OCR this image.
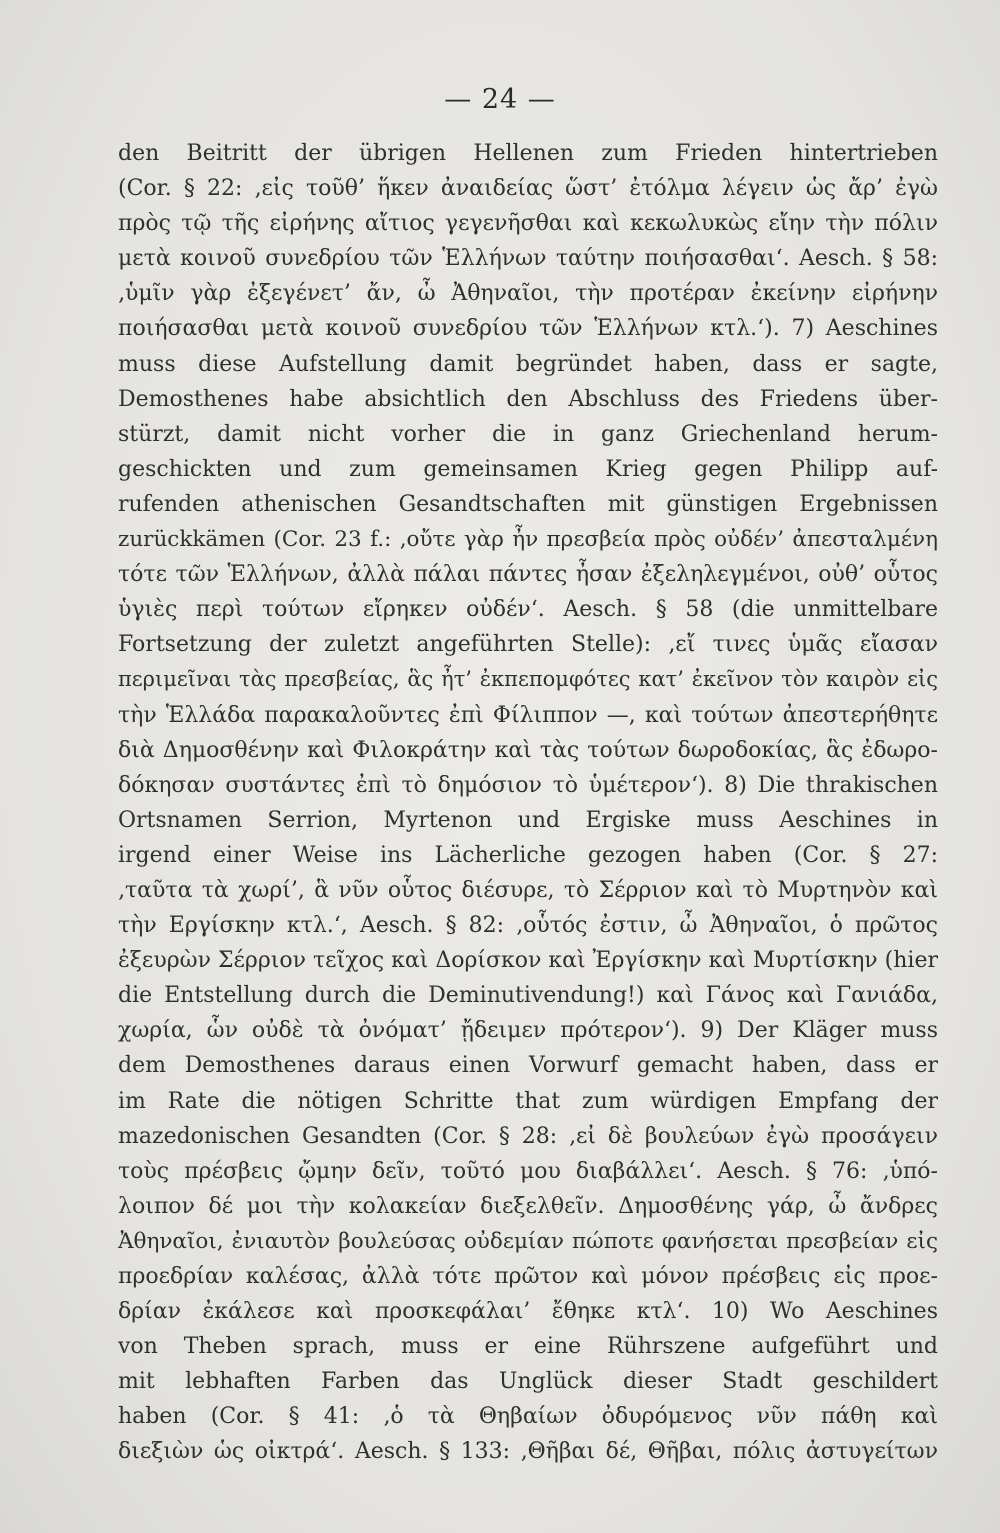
— 24 —
den Beitritt der übrigen Hellenen zum Frieden hintertrieben
(Cor. § 22: ‚εἰς τοῦθ’ ἥκεν ἀναιδείας ὥστ’ ἐτόλμα λέγειν ὡς ἄρ’ ἐγὼ
πρὸς τῷ τῆς εἰρήνης αἴτιος γεγενῆσθαι καὶ κεκωλυκὼς εἴην τὴν πόλιν
μετὰ κοινοῦ συνεδρίου τῶν Ἑλλήνων ταύτην ποιήσασθαι‘. Aesch. § 58:
‚ὑμῖν γὰρ ἐξεγένετ’ ἄν, ὦ Ἀθηναῖοι, τὴν προτέραν ἐκείνην εἰρήνην
ποιήσασθαι μετὰ κοινοῦ συνεδρίου τῶν Ἑλλήνων κτλ.‘). 7) Aeschines
muss diese Aufstellung damit begründet haben, dass er sagte,
Demosthenes habe absichtlich den Abschluss des Friedens über-
stürzt, damit nicht vorher die in ganz Griechenland herum-
geschickten und zum gemeinsamen Krieg gegen Philipp auf-
rufenden athenischen Gesandtschaften mit günstigen Ergebnissen
zurückkämen (Cor. 23 f.: ‚οὔτε γὰρ ἦν πρεσβεία πρὸς οὐδέν’ ἀπεσταλμένη
τότε τῶν Ἑλλήνων, ἀλλὰ πάλαι πάντες ἦσαν ἐξεληλεγμένοι, οὐθ’ οὗτος
ὑγιὲς περὶ τούτων εἴρηκεν οὐδέν‘. Aesch. § 58 (die unmittelbare
Fortsetzung der zuletzt angeführten Stelle): ‚εἴ τινες ὑμᾶς εἴασαν
περιμεῖναι τὰς πρεσβείας, ἃς ἦτ’ ἐκπεπομφότες κατ’ ἐκεῖνον τὸν καιρὸν εἰς
τὴν Ἑλλάδα παρακαλοῦντες ἐπὶ Φίλιππον —, καὶ τούτων ἀπεστερήθητε
διὰ Δημοσθένην καὶ Φιλοκράτην καὶ τὰς τούτων δωροδοκίας, ἃς ἐδωρο-
δόκησαν συστάντες ἐπὶ τὸ δημόσιον τὸ ὑμέτερον‘). 8) Die thrakischen
Ortsnamen Serrion, Myrtenon und Ergiske muss Aeschines in
irgend einer Weise ins Lächerliche gezogen haben (Cor. § 27:
‚ταῦτα τὰ χωρί’, ἃ νῦν οὗτος διέσυρε, τὸ Σέρριον καὶ τὸ Μυρτηνὸν καὶ
τὴν Εργίσκην κτλ.‘, Aesch. § 82: ‚οὗτός ἐστιν, ὦ Ἀθηναῖοι, ὁ πρῶτος
ἐξευρὼν Σέρριον τεῖχος καὶ Δορίσκον καὶ Ἐργίσκην καὶ Μυρτίσκην (hier
die Entstellung durch die Deminutivendung!) καὶ Γάνος καὶ Γανιάδα,
χωρία, ὧν οὐδὲ τὰ ὀνόματ’ ᾔδειμεν πρότερον‘). 9) Der Kläger muss
dem Demosthenes daraus einen Vorwurf gemacht haben, dass er
im Rate die nötigen Schritte that zum würdigen Empfang der
mazedonischen Gesandten (Cor. § 28: ‚εἰ δὲ βουλεύων ἐγὼ προσάγειν
τοὺς πρέσβεις ᾤμην δεῖν, τοῦτό μου διαβάλλει‘. Aesch. § 76: ‚ὑπό-
λοιπον δέ μοι τὴν κολακείαν διεξελθεῖν. Δημοσθένης γάρ, ὦ ἄνδρες
Ἀθηναῖοι, ἐνιαυτὸν βουλεύσας οὐδεμίαν πώποτε φανήσεται πρεσβείαν εἰς
προεδρίαν καλέσας, ἀλλὰ τότε πρῶτον καὶ μόνον πρέσβεις εἰς προε-
δρίαν ἐκάλεσε καὶ προσκεφάλαι’ ἔθηκε κτλ‘. 10) Wo Aeschines
von Theben sprach, muss er eine Rührszene aufgeführt und
mit lebhaften Farben das Unglück dieser Stadt geschildert
haben (Cor. § 41: ‚ὁ τὰ Θηβαίων ὀδυρόμενος νῦν πάθη καὶ
διεξιὼν ὡς οἰκτρά‘. Aesch. § 133: ‚Θῆβαι δέ, Θῆβαι, πόλις ἀστυγείτων
